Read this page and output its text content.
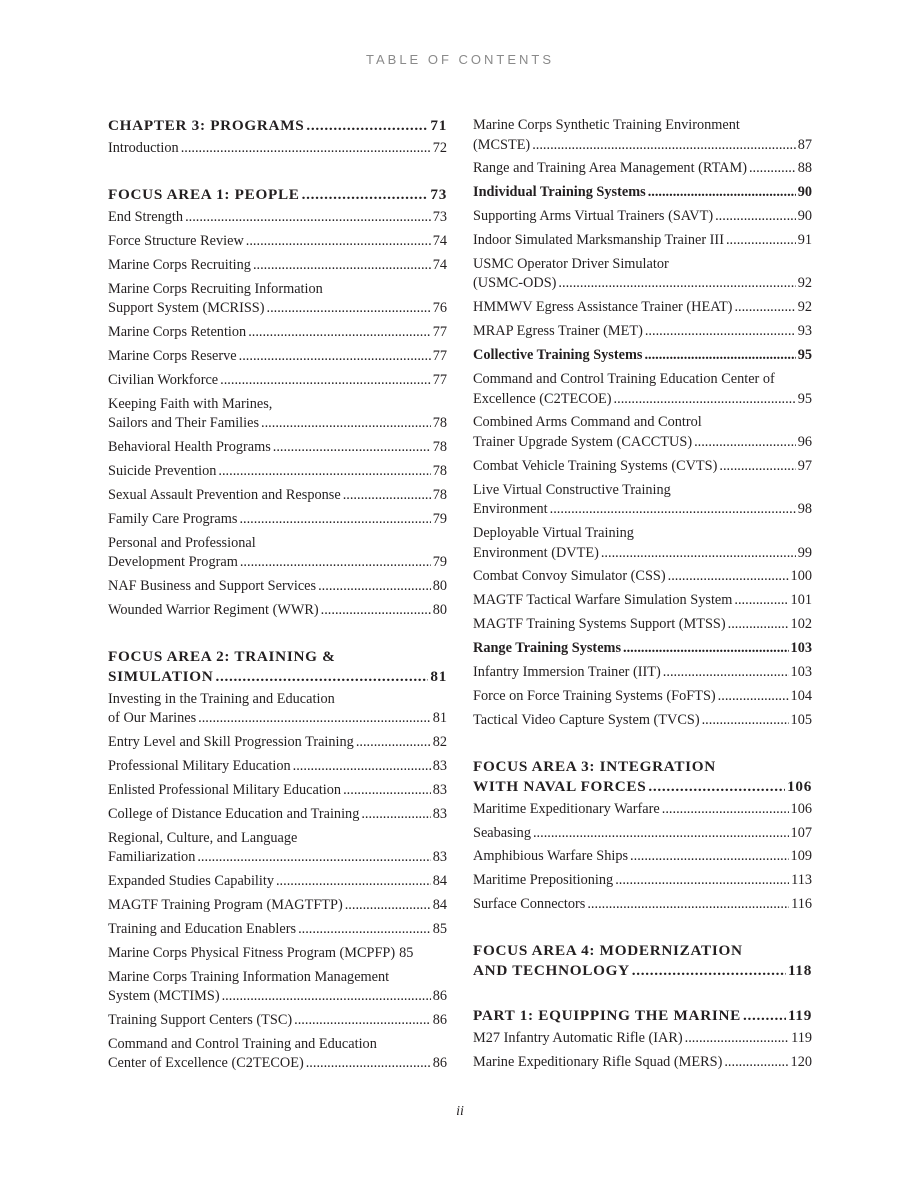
TABLE OF CONTENTS
CHAPTER 3: PROGRAMS .....	71
Introduction .....	72
FOCUS AREA 1: PEOPLE .....	73
End Strength .....	73
Force Structure Review .....	74
Marine Corps Recruiting .....	74
Marine Corps Recruiting Information
Support System (MCRISS) .....	76
Marine Corps Retention .....	77
Marine Corps Reserve .....	77
Civilian Workforce .....	77
Keeping Faith with Marines,
Sailors and Their Families .....	78
Behavioral Health Programs .....	78
Suicide Prevention .....	78
Sexual Assault Prevention and Response .....	78
Family Care Programs .....	79
Personal and Professional
Development Program .....	79
NAF Business and Support Services .....	80
Wounded Warrior Regiment (WWR) .....	80
FOCUS AREA 2: TRAINING &
SIMULATION .....	81
Investing in the Training and Education
of Our Marines .....	81
Entry Level and Skill Progression Training .....	82
Professional Military Education .....	83
Enlisted Professional Military Education .....	83
College of Distance Education and Training .....	83
Regional, Culture, and Language
Familiarization .....	83
Expanded Studies Capability .....	84
MAGTF Training Program (MAGTFTP) .....	84
Training and Education Enablers .....	85
Marine Corps Physical Fitness Program (MCPFP) 85
Marine Corps Training Information Management
System (MCTIMS) .....	86
Training Support Centers (TSC) .....	86
Command and Control Training and Education
Center of Excellence (C2TECOE) .....	86
Marine Corps Synthetic Training Environment
(MCSTE) .....	87
Range and Training Area Management (RTAM) .....	88
Individual Training Systems .....	90
Supporting Arms Virtual Trainers (SAVT) .....	90
Indoor Simulated Marksmanship Trainer III .....	91
USMC Operator Driver Simulator
(USMC-ODS) .....	92
HMMWV Egress Assistance Trainer (HEAT) .....	92
MRAP Egress Trainer (MET) .....	93
Collective Training Systems .....	95
Command and Control Training Education Center of
Excellence (C2TECOE) .....	95
Combined Arms Command and Control
Trainer Upgrade System (CACCTUS) .....	96
Combat Vehicle Training Systems (CVTS) .....	97
Live Virtual Constructive Training
Environment .....	98
Deployable Virtual Training
Environment (DVTE) .....	99
Combat Convoy Simulator (CSS) .....	100
MAGTF Tactical Warfare Simulation System .....	101
MAGTF Training Systems Support (MTSS) .....	102
Range Training Systems .....	103
Infantry Immersion Trainer (IIT) .....	103
Force on Force Training Systems (FoFTS) .....	104
Tactical Video Capture System (TVCS) .....	105
FOCUS AREA 3: INTEGRATION
WITH NAVAL FORCES .....	106
Maritime Expeditionary Warfare .....	106
Seabasing .....	107
Amphibious Warfare Ships .....	109
Maritime Prepositioning .....	113
Surface Connectors .....	116
FOCUS AREA 4: MODERNIZATION
AND TECHNOLOGY .....	118
PART 1: EQUIPPING THE MARINE .....	119
M27 Infantry Automatic Rifle (IAR) .....	119
Marine Expeditionary Rifle Squad (MERS) .....	120
ii
